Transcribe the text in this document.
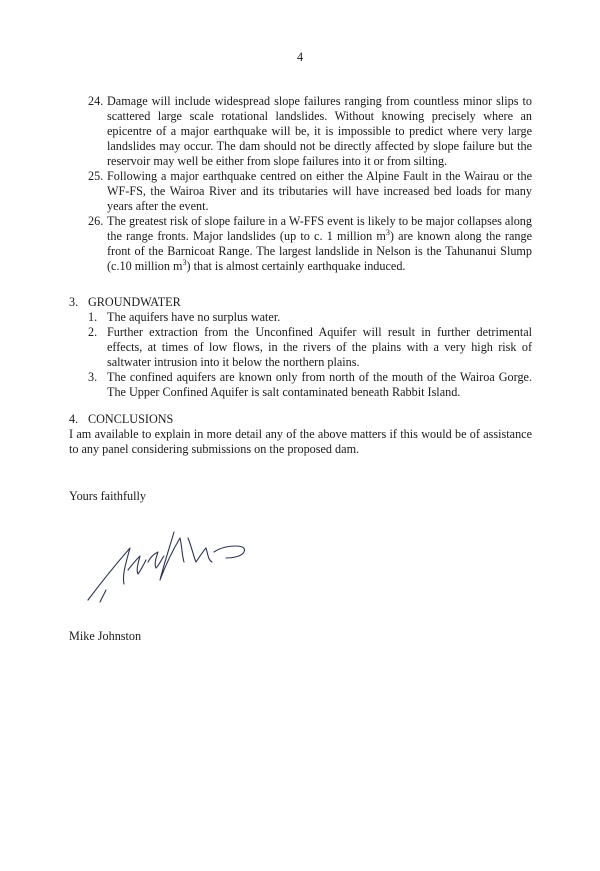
4
24. Damage will include widespread slope failures ranging from countless minor slips to scattered large scale rotational landslides. Without knowing precisely where an epicentre of a major earthquake will be, it is impossible to predict where very large landslides may occur. The dam should not be directly affected by slope failure but the reservoir may well be either from slope failures into it or from silting.
25. Following a major earthquake centred on either the Alpine Fault in the Wairau or the WF-FS, the Wairoa River and its tributaries will have increased bed loads for many years after the event.
26. The greatest risk of slope failure in a W-FFS event is likely to be major collapses along the range fronts. Major landslides (up to c. 1 million $m^3$) are known along the range front of the Barnicoat Range. The largest landslide in Nelson is the Tahunanui Slump (c.10 million $m^3$) that is almost certainly earthquake induced.
3. GROUNDWATER
1. The aquifers have no surplus water.
2. Further extraction from the Unconfined Aquifer will result in further detrimental effects, at times of low flows, in the rivers of the plains with a very high risk of saltwater intrusion into it below the northern plains.
3. The confined aquifers are known only from north of the mouth of the Wairoa Gorge. The Upper Confined Aquifer is salt contaminated beneath Rabbit Island.
4. CONCLUSIONS
I am available to explain in more detail any of the above matters if this would be of assistance to any panel considering submissions on the proposed dam.
Yours faithfully
Mike Johnston
